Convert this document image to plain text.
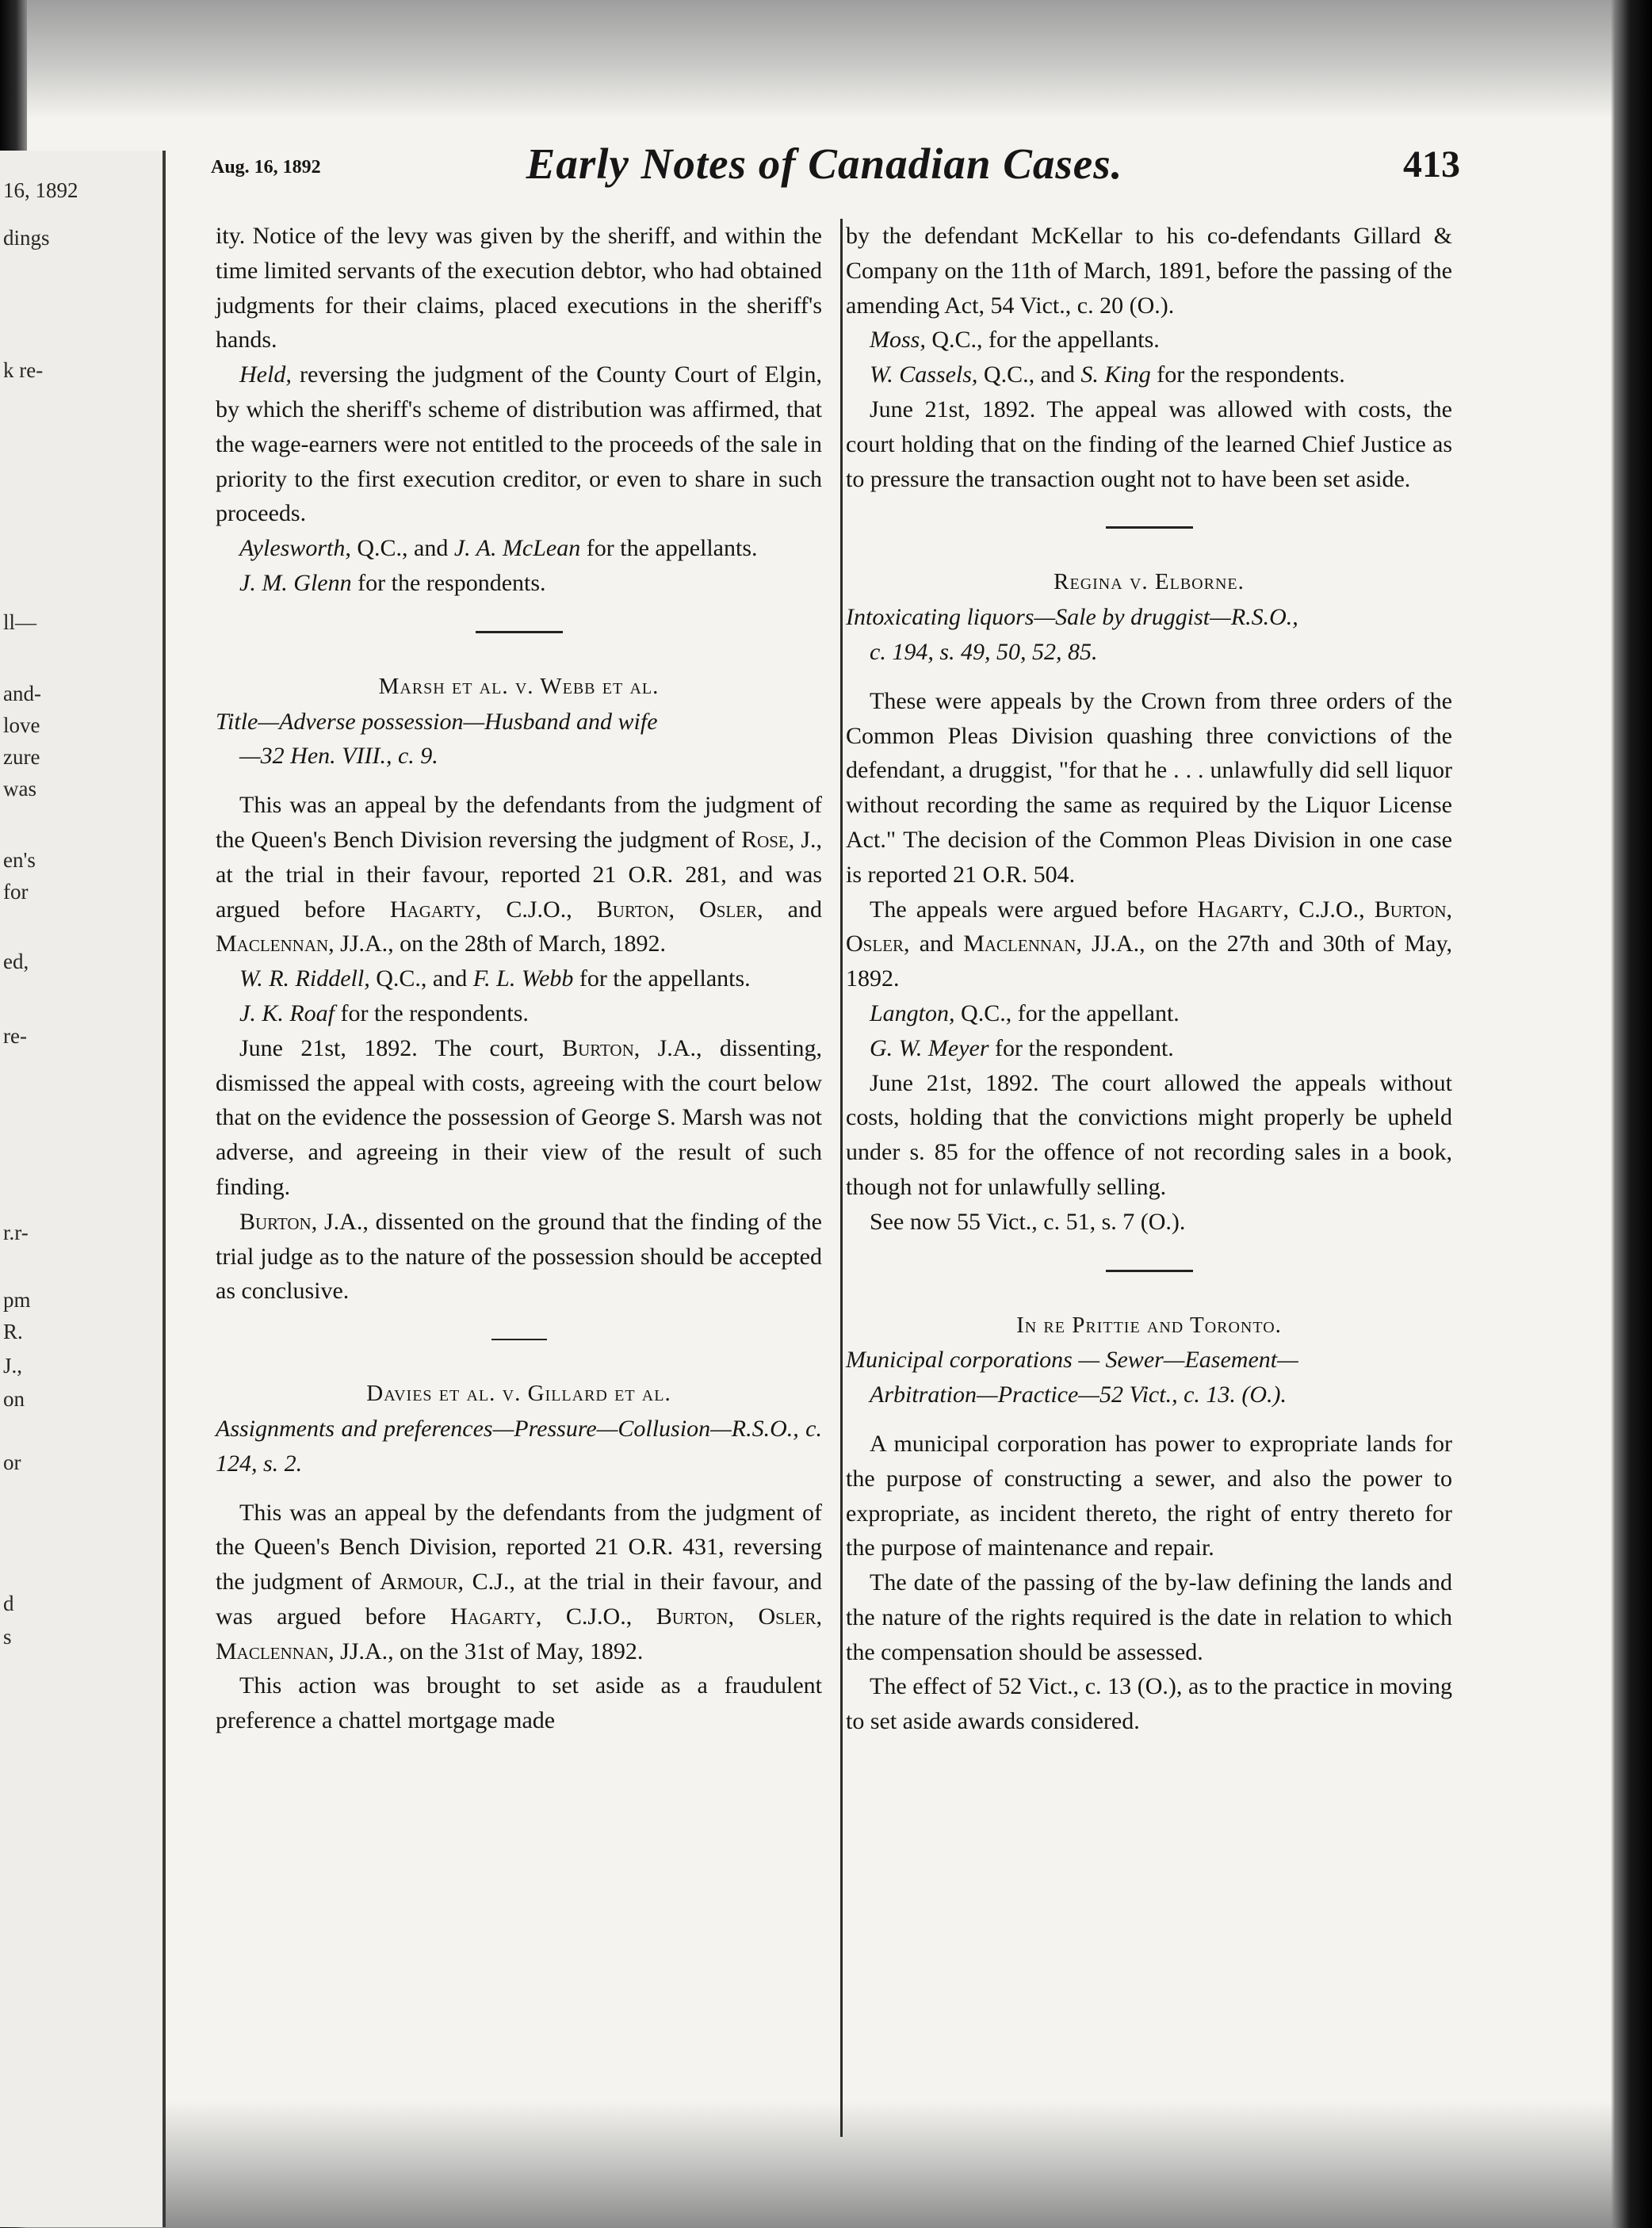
16, 1892
dings
k re-
ll—
and-
love
zure
was
en's
for
ed,
re-
r.r-
pm
R.
J.,
on
or
d
s
Aug. 16, 1892	Early Notes of Canadian Cases.	413

ity. Notice of the levy was given by the sheriff, and within the time limited servants of the execution debtor, who had obtained judgments for their claims, placed executions in the sheriff's hands.

Held, reversing the judgment of the County Court of Elgin, by which the sheriff's scheme of distribution was affirmed, that the wage-earners were not entitled to the proceeds of the sale in priority to the first execution creditor, or even to share in such proceeds.

Aylesworth, Q.C., and J. A. McLean for the appellants.

J. M. Glenn for the respondents.

Marsh et al. v. Webb et al.

Title—Adverse possession—Husband and wife
—32 Hen. VIII., c. 9.

This was an appeal by the defendants from the judgment of the Queen's Bench Division reversing the judgment of Rose, J., at the trial in their favour, reported 21 O.R. 281, and was argued before Hagarty, C.J.O., Burton, Osler, and Maclennan, JJ.A., on the 28th of March, 1892.

W. R. Riddell, Q.C., and F. L. Webb for the appellants.

J. K. Roaf for the respondents.

June 21st, 1892. The court, Burton, J.A., dissenting, dismissed the appeal with costs, agreeing with the court below that on the evidence the possession of George S. Marsh was not adverse, and agreeing in their view of the result of such finding.

Burton, J.A., dissented on the ground that the finding of the trial judge as to the nature of the possession should be accepted as conclusive.

Davies et al. v. Gillard et al.

Assignments and preferences—Pressure—Collusion—R.S.O., c. 124, s. 2.

This was an appeal by the defendants from the judgment of the Queen's Bench Division, reported 21 O.R. 431, reversing the judgment of Armour, C.J., at the trial in their favour, and was argued before Hagarty, C.J.O., Burton, Osler, Maclennan, JJ.A., on the 31st of May, 1892.

This action was brought to set aside as a fraudulent preference a chattel mortgage made

by the defendant McKellar to his co-defendants Gillard & Company on the 11th of March, 1891, before the passing of the amending Act, 54 Vict., c. 20 (O.).

Moss, Q.C., for the appellants.

W. Cassels, Q.C., and S. King for the respondents.

June 21st, 1892. The appeal was allowed with costs, the court holding that on the finding of the learned Chief Justice as to pressure the transaction ought not to have been set aside.

Regina v. Elborne.

Intoxicating liquors—Sale by druggist—R.S.O.,
c. 194, s. 49, 50, 52, 85.

These were appeals by the Crown from three orders of the Common Pleas Division quashing three convictions of the defendant, a druggist, "for that he . . . unlawfully did sell liquor without recording the same as required by the Liquor License Act." The decision of the Common Pleas Division in one case is reported 21 O.R. 504.

The appeals were argued before Hagarty, C.J.O., Burton, Osler, and Maclennan, JJ.A., on the 27th and 30th of May, 1892.

Langton, Q.C., for the appellant.

G. W. Meyer for the respondent.

June 21st, 1892. The court allowed the appeals without costs, holding that the convictions might properly be upheld under s. 85 for the offence of not recording sales in a book, though not for unlawfully selling.

See now 55 Vict., c. 51, s. 7 (O.).

In re Prittie and Toronto.

Municipal corporations — Sewer—Easement—
Arbitration—Practice—52 Vict., c. 13. (O.).

A municipal corporation has power to expropriate lands for the purpose of constructing a sewer, and also the power to expropriate, as incident thereto, the right of entry thereto for the purpose of maintenance and repair.

The date of the passing of the by-law defining the lands and the nature of the rights required is the date in relation to which the compensation should be assessed.

The effect of 52 Vict., c. 13 (O.), as to the practice in moving to set aside awards considered.
